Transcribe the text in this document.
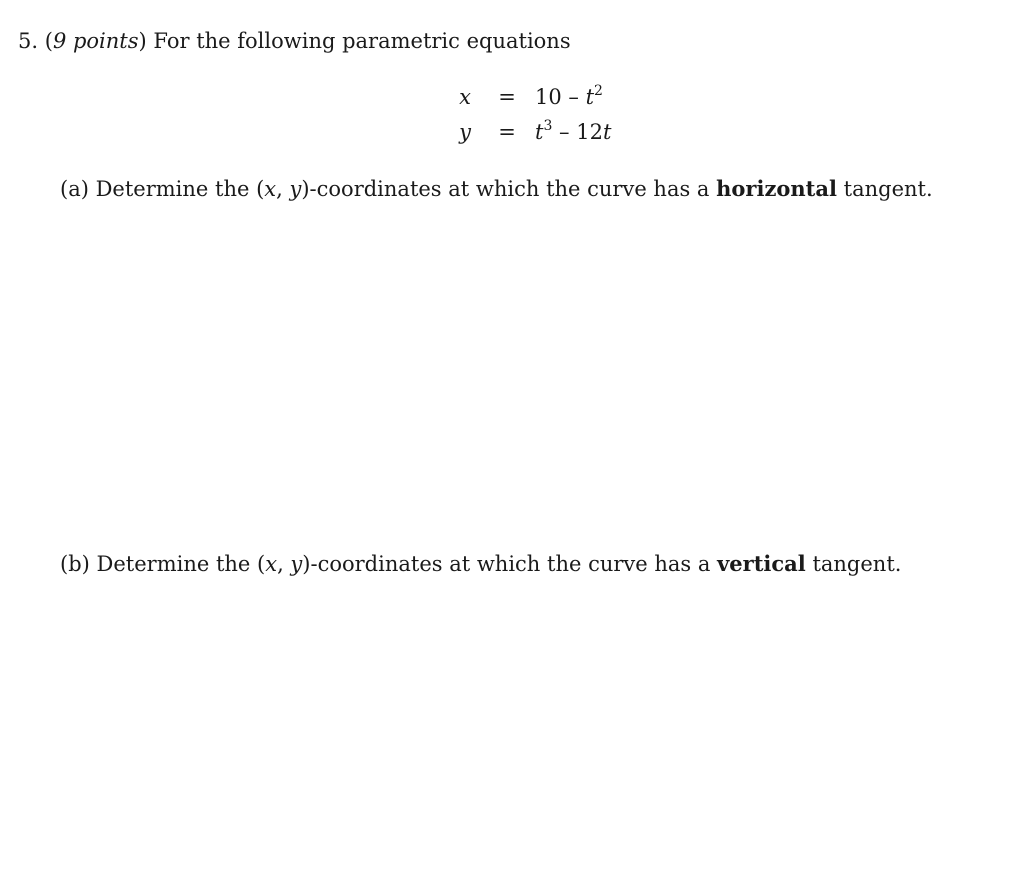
5. (9 points) For the following parametric equations
x	= $10 - t^2$
y	= $t^3 - 12t$
(a) Determine the (x, y)-coordinates at which the curve has a horizontal tangent.
(b) Determine the (x, y)-coordinates at which the curve has a vertical tangent.
